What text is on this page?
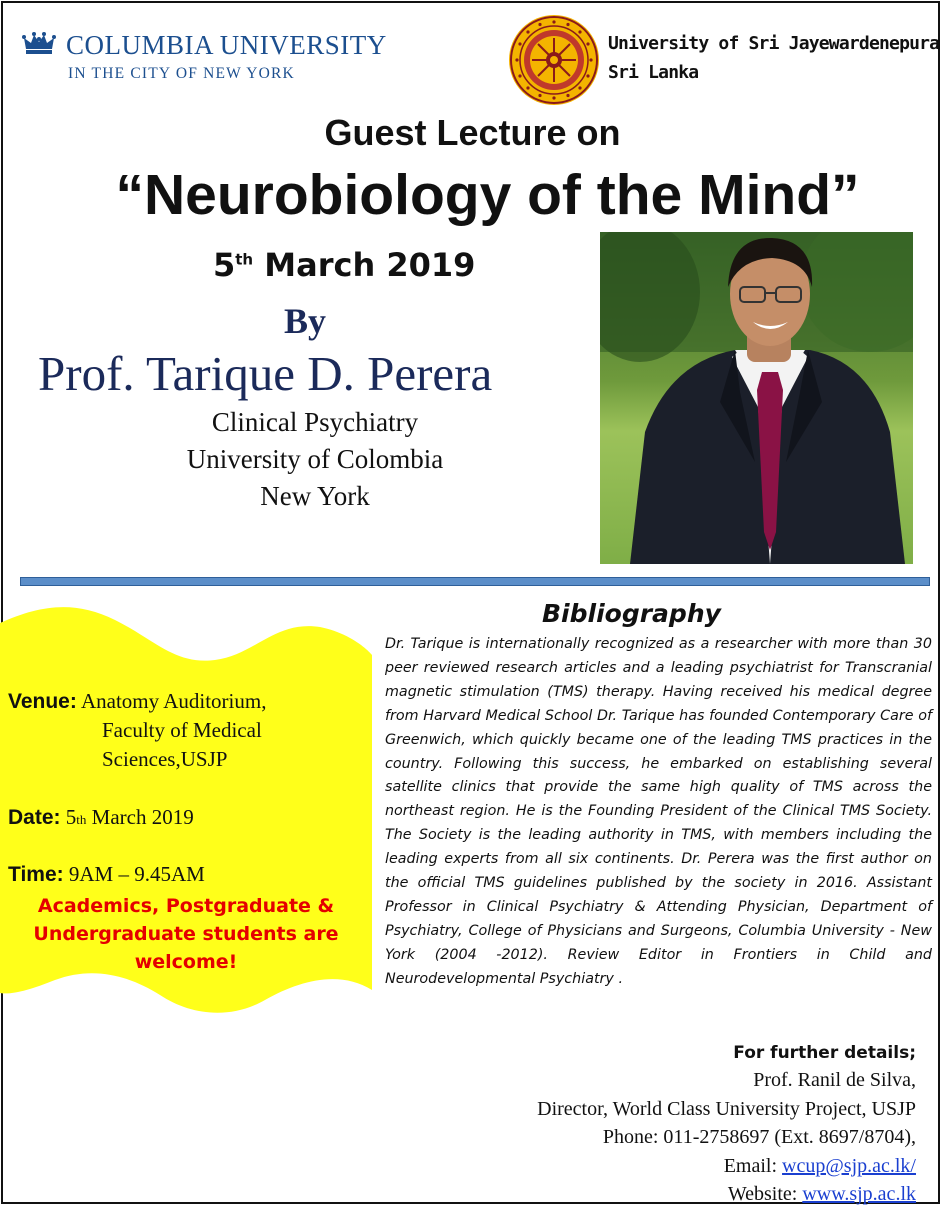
COLUMBIA UNIVERSITY
IN THE CITY OF NEW YORK
University of Sri Jayewardenepura
Sri Lanka
Guest Lecture on
“Neurobiology of the Mind”
5th March 2019
By
Prof. Tarique D. Perera
Clinical Psychiatry
University of Colombia
New York
Venue: Anatomy Auditorium,
Faculty of Medical
Sciences,USJP
Date: 5th March 2019
Time: 9AM – 9.45AM
Academics, Postgraduate &
Undergraduate students are
welcome!
Bibliography
Dr. Tarique is internationally recognized as a researcher with more than 30 peer reviewed research articles and a leading psychiatrist for Transcranial magnetic stimulation (TMS) therapy. Having received his medical degree from Harvard Medical School Dr. Tarique has founded Contemporary Care of Greenwich, which quickly became one of the leading TMS practices in the country. Following this success, he embarked on establishing several satellite clinics that provide the same high quality of TMS across the northeast region. He is the Founding President of the Clinical TMS Society. The Society is the leading authority in TMS, with members including the leading experts from all six continents. Dr. Perera was the first author on the official TMS guidelines published by the society in 2016. Assistant Professor in Clinical Psychiatry & Attending Physician, Department of Psychiatry, College of Physicians and Surgeons, Columbia University - New York (2004 -2012). Review Editor in Frontiers in Child and Neurodevelopmental Psychiatry .
For further details;
Prof. Ranil de Silva,
Director, World Class University Project, USJP
Phone: 011-2758697 (Ext. 8697/8704),
Email: wcup@sjp.ac.lk/
Website: www.sjp.ac.lk
